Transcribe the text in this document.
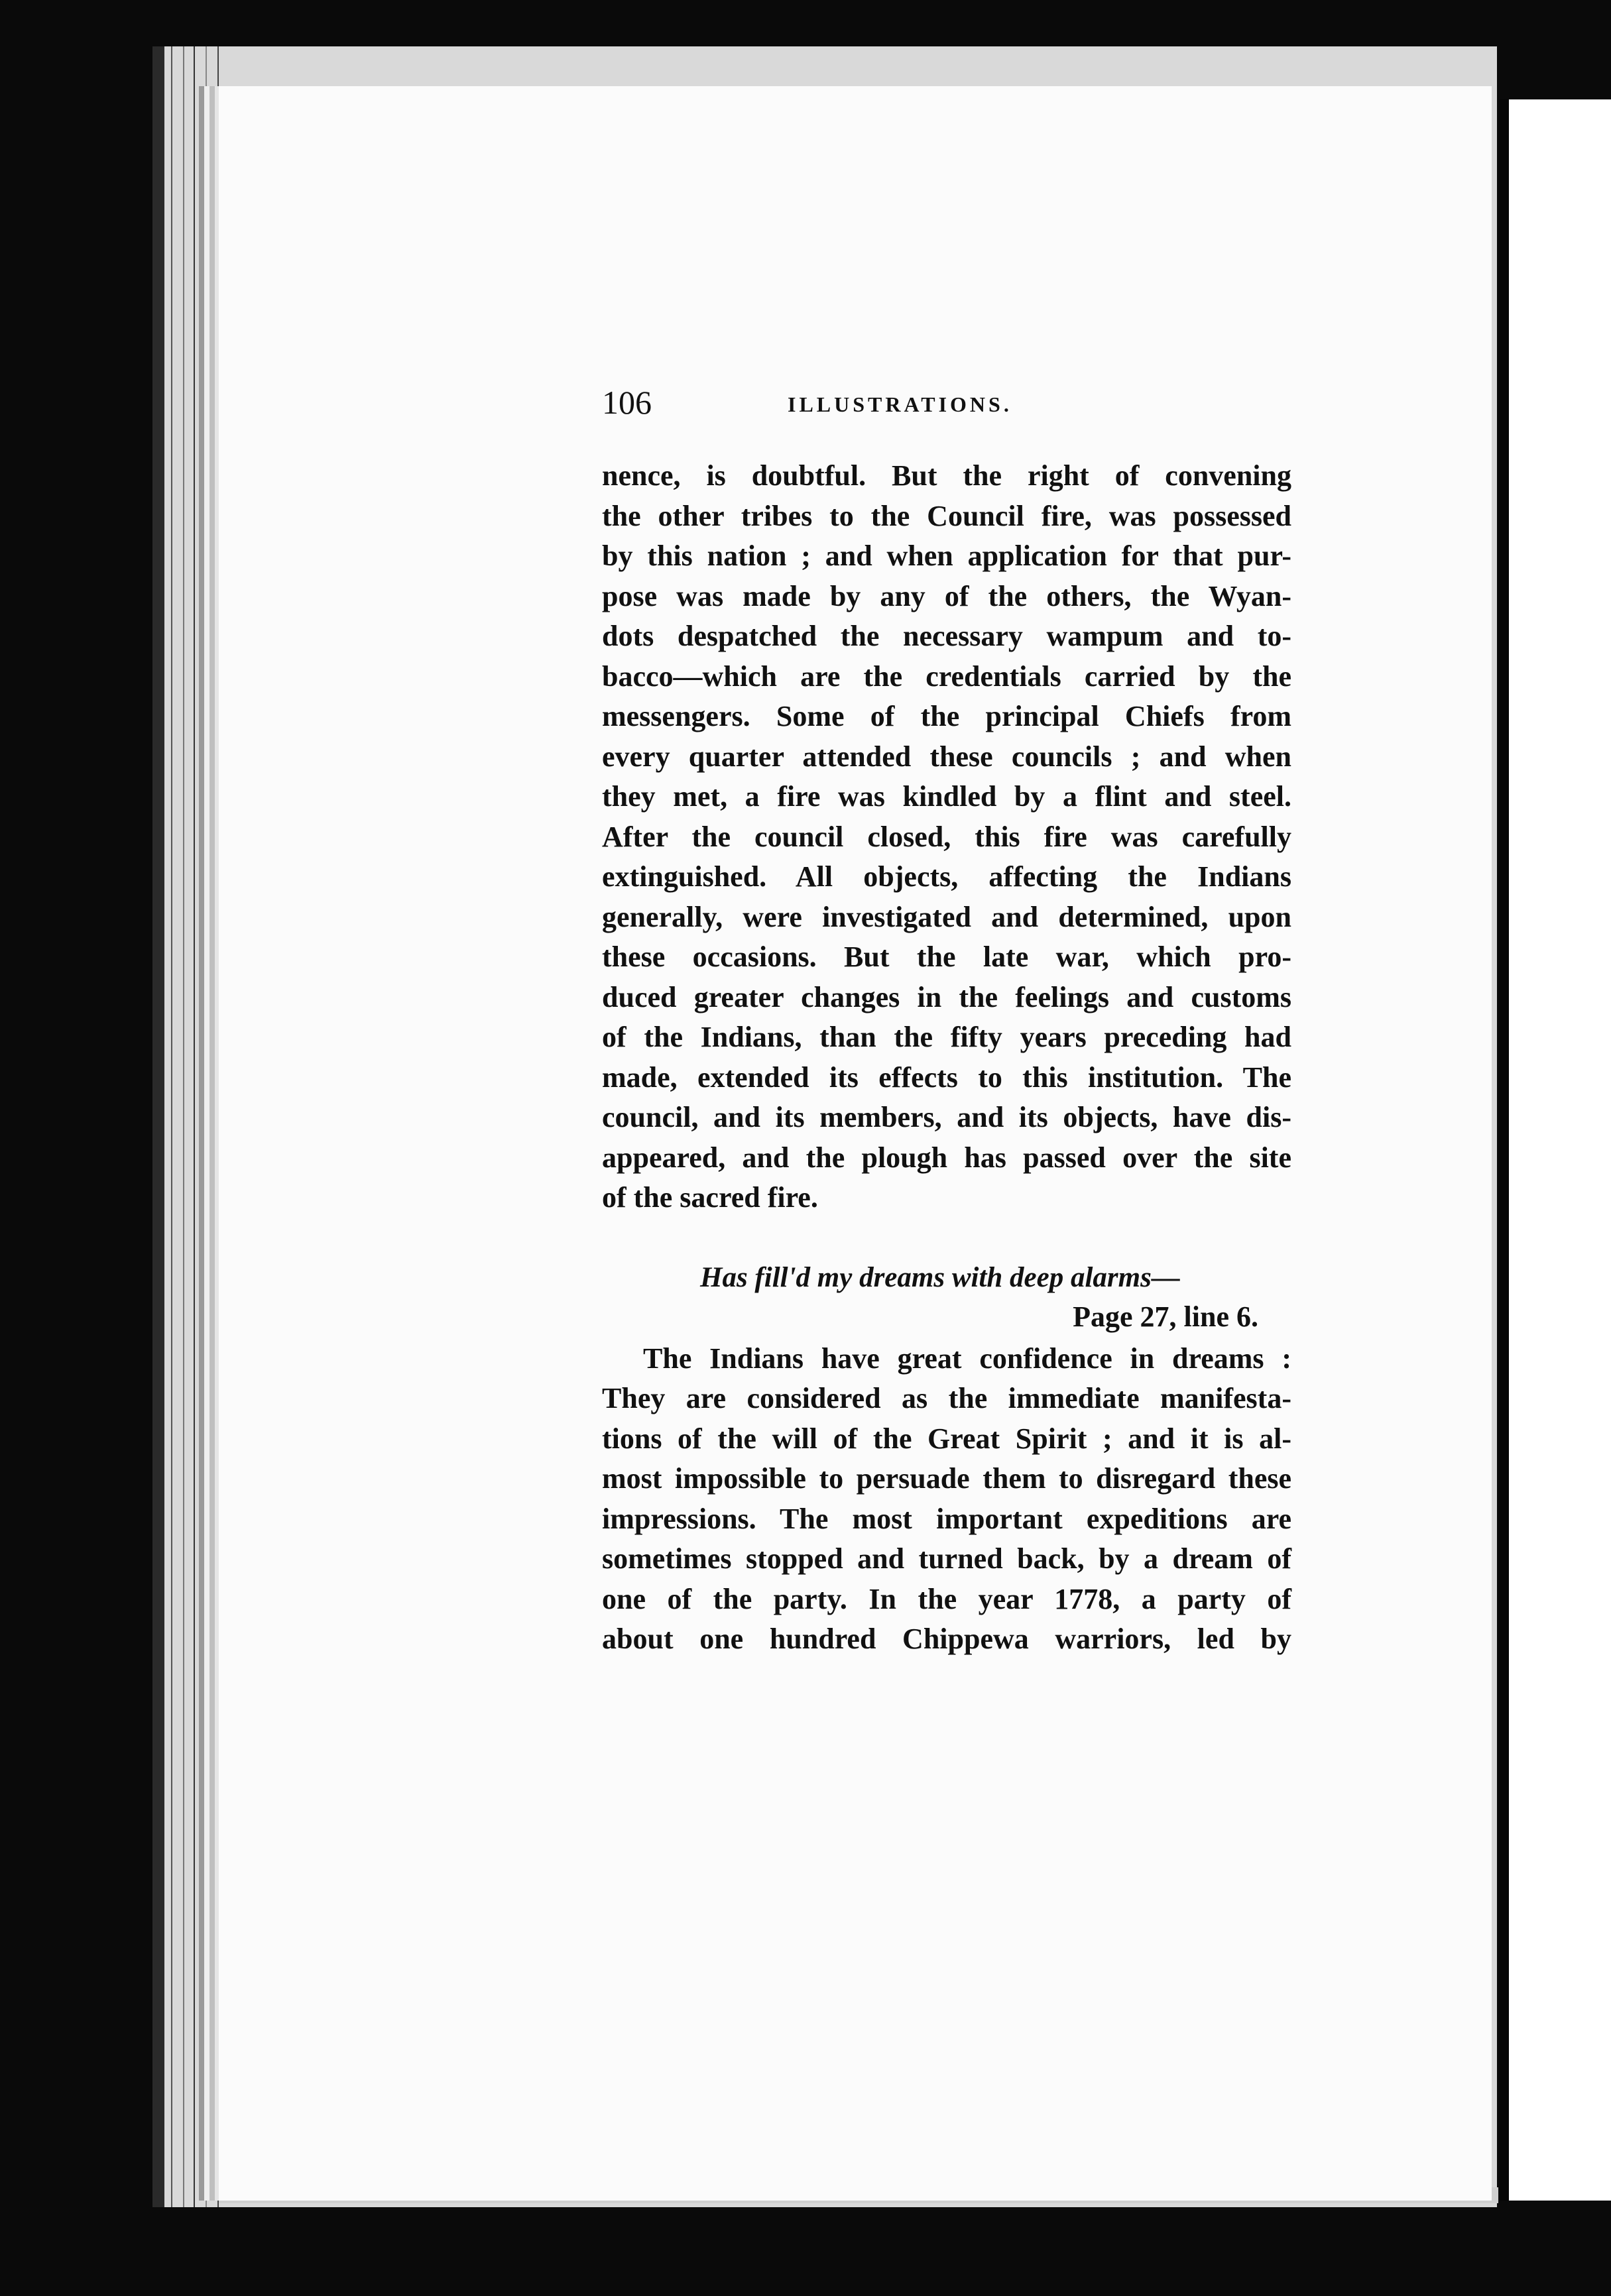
106	ILLUSTRATIONS.

nence, is doubtful. But the right of convening
the other tribes to the Council fire, was possessed
by this nation ; and when application for that pur-
pose was made by any of the others, the Wyan-
dots despatched the necessary wampum and to-
bacco—which are the credentials carried by the
messengers. Some of the principal Chiefs from
every quarter attended these councils ; and when
they met, a fire was kindled by a flint and steel.
After the council closed, this fire was carefully
extinguished. All objects, affecting the Indians
generally, were investigated and determined, upon
these occasions. But the late war, which pro-
duced greater changes in the feelings and customs
of the Indians, than the fifty years preceding had
made, extended its effects to this institution. The
council, and its members, and its objects, have dis-
appeared, and the plough has passed over the site
of the sacred fire.

Has fill'd my dreams with deep alarms—
Page 27, line 6.

The Indians have great confidence in dreams :
They are considered as the immediate manifesta-
tions of the will of the Great Spirit ; and it is al-
most impossible to persuade them to disregard these
impressions. The most important expeditions are
sometimes stopped and turned back, by a dream of
one of the party. In the year 1778, a party of
about one hundred Chippewa warriors, led by
